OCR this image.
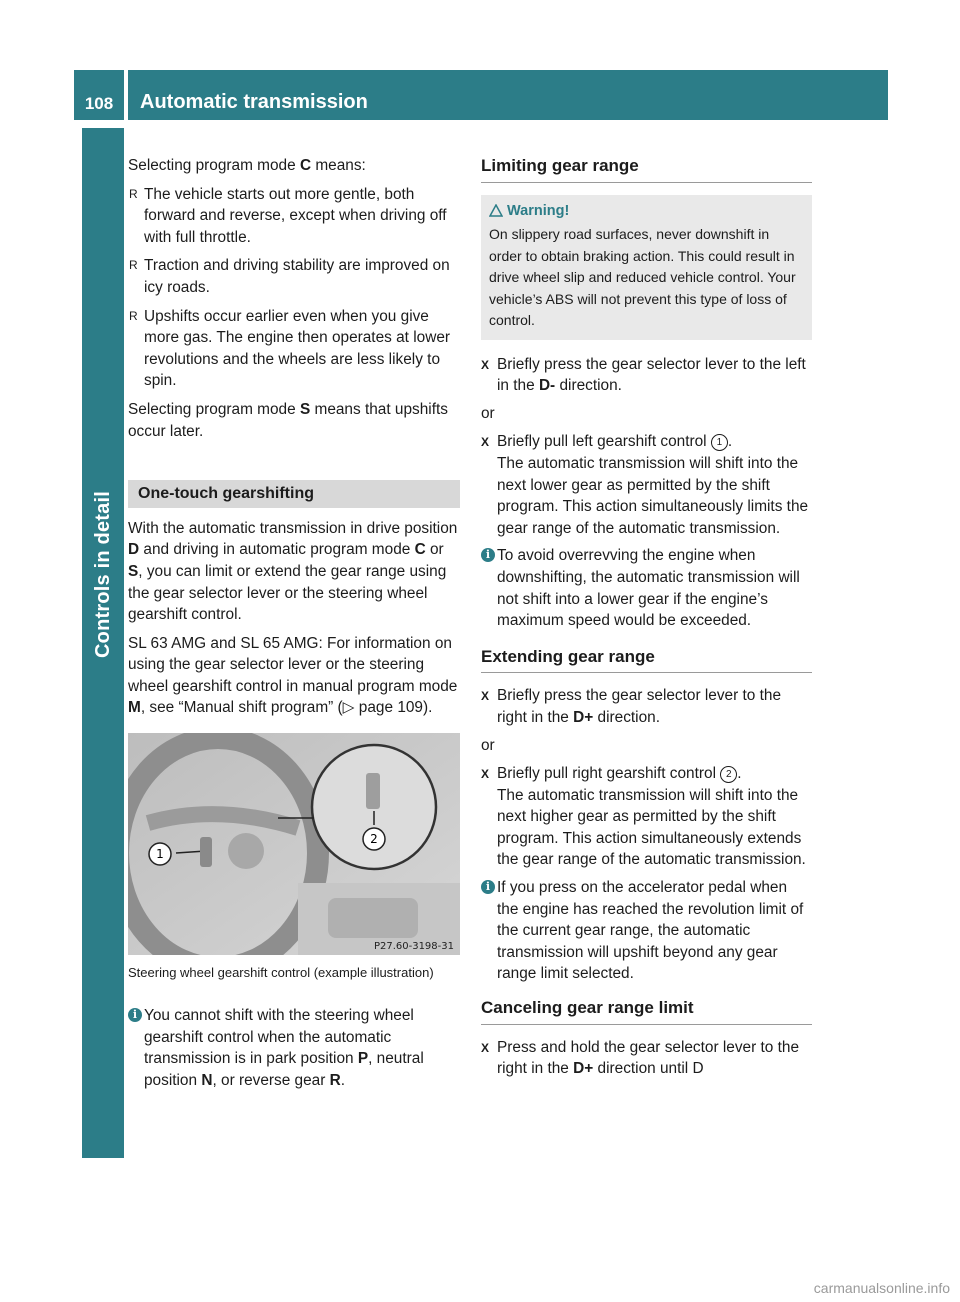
108	Automatic transmission
Controls in detail

Selecting program mode C means:

R The vehicle starts out more gentle, both forward and reverse, except when driving off with full throttle.
R Traction and driving stability are improved on icy roads.
R Upshifts occur earlier even when you give more gas. The engine then operates at lower revolutions and the wheels are less likely to spin.

Selecting program mode S means that upshifts occur later.

One-touch gearshifting

With the automatic transmission in drive position D and driving in automatic program mode C or S, you can limit or extend the gear range using the gear selector lever or the steering wheel gearshift control.

SL 63 AMG and SL 65 AMG: For information on using the gear selector lever or the steering wheel gearshift control in manual program mode M, see “Manual shift program” (▷ page 109).

1
2
P27.60-3198-31
Steering wheel gearshift control (example illustration)
i You cannot shift with the steering wheel gearshift control when the automatic transmission is in park position P, neutral position N, or reverse gear R.
Limiting gear range
Warning!
On slippery road surfaces, never downshift in order to obtain braking action. This could result in drive wheel slip and reduced vehicle control. Your vehicle’s ABS will not prevent this type of loss of control.
X Briefly press the gear selector lever to the left in the D- direction.

or

X Briefly pull left gearshift control 1 .
The automatic transmission will shift into the next lower gear as permitted by the shift program. This action simultaneously limits the gear range of the automatic transmission.
i To avoid overrevving the engine when downshifting, the automatic transmission will not shift into a lower gear if the engine’s maximum speed would be exceeded.
Extending gear range
X Briefly press the gear selector lever to the right in the D+ direction.

or

X Briefly pull right gearshift control 2 .
The automatic transmission will shift into the next higher gear as permitted by the shift program. This action simultaneously extends the gear range of the automatic transmission.
i If you press on the accelerator pedal when the engine has reached the revolution limit of the current gear range, the automatic transmission will upshift beyond any gear range limit selected.
Canceling gear range limit
X Press and hold the gear selector lever to the right in the D+ direction until D
carmanualsonline.info
